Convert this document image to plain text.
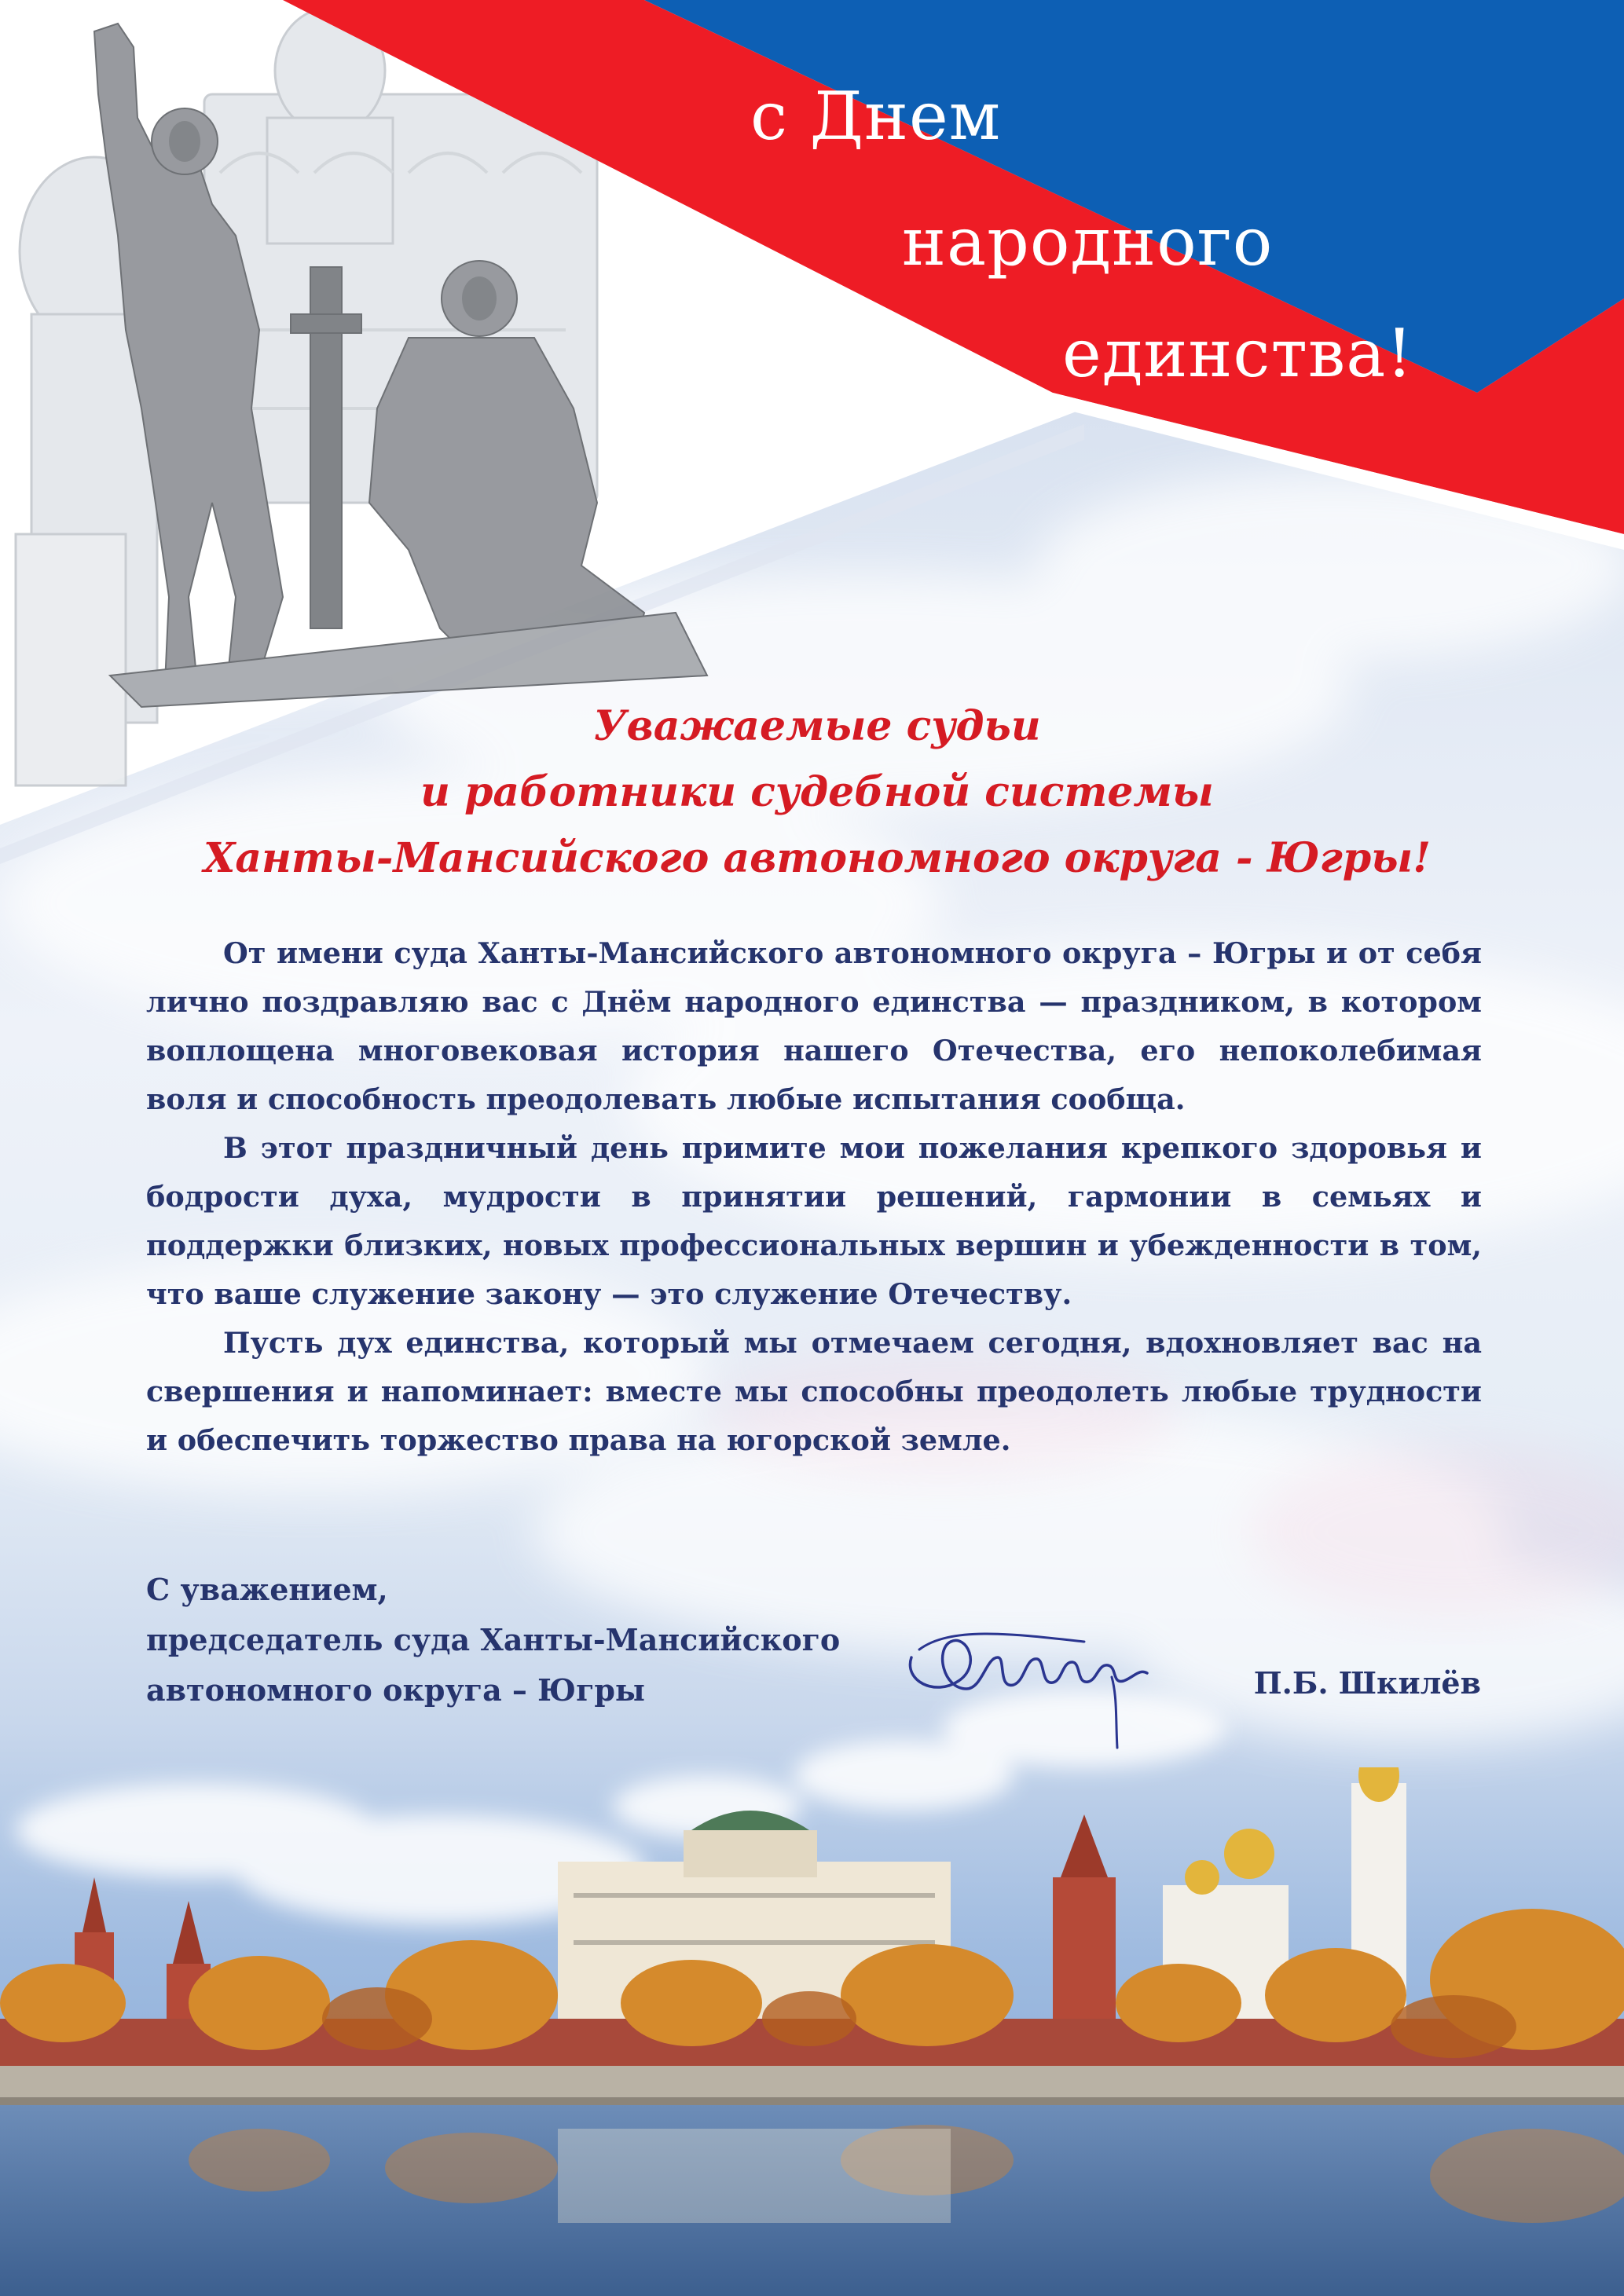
с Днем
народного
единства!
Уважаемые судьи
и работники судебной системы
Ханты-Мансийского автономного округа - Югры!

От имени суда Ханты-Мансийского автономного округа – Югры и от себя лично поздравляю вас с Днём народного единства — праздником, в котором воплощена многовековая история нашего Отечества, его непоколебимая воля и способность преодолевать любые испытания сообща.

В этот праздничный день примите мои пожелания крепкого здоровья и бодрости духа, мудрости в принятии решений, гармонии в семьях и поддержки близких, новых профессиональных вершин и убежденности в том, что ваше служение закону — это служение Отечеству.

Пусть дух единства, который мы отмечаем сегодня, вдохновляет вас на свершения и напоминает: вместе мы способны преодолеть любые трудности и обеспечить торжество права на югорской земле.

С уважением,
председатель суда Ханты-Мансийского
автономного округа – Югры	П.Б. Шкилёв
